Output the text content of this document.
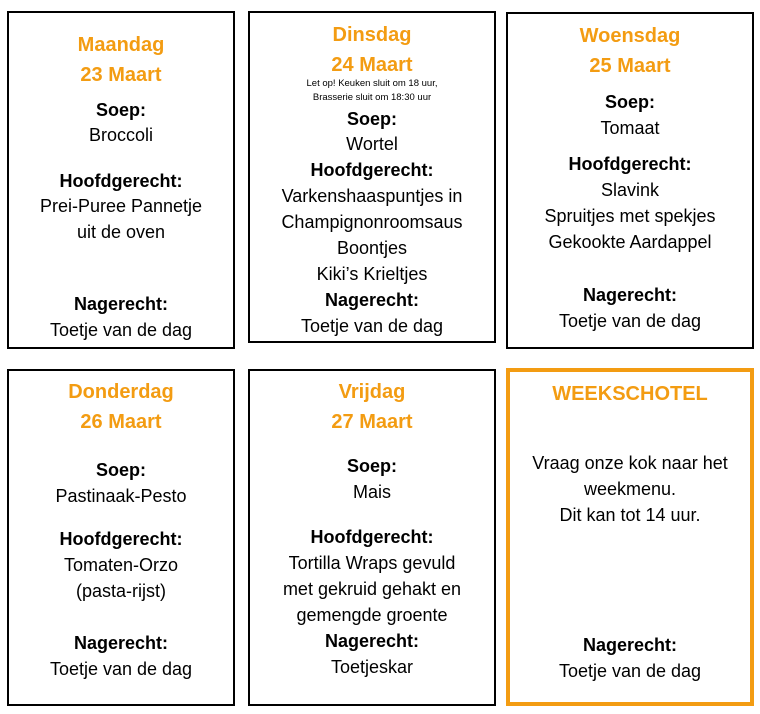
Maandag
23 Maart
Soep:
Broccoli
Hoofdgerecht:
Prei-Puree Pannetje
uit de oven
Nagerecht:
Toetje van de dag
Dinsdag
24 Maart
Let op! Keuken sluit om 18 uur,
Brasserie sluit om 18:30 uur
Soep:
Wortel
Hoofdgerecht:
Varkenshaaspuntjes in
Champignonroomsaus
Boontjes
Kiki’s Krieltjes
Nagerecht:
Toetje van de dag
Woensdag
25 Maart
Soep:
Tomaat
Hoofdgerecht:
Slavink
Spruitjes met spekjes
Gekookte Aardappel
Nagerecht:
Toetje van de dag
Donderdag
26 Maart
Soep:
Pastinaak-Pesto
Hoofdgerecht:
Tomaten-Orzo
(pasta-rijst)
Nagerecht:
Toetje van de dag
Vrijdag
27 Maart
Soep:
Mais
Hoofdgerecht:
Tortilla Wraps gevuld
met gekruid gehakt en
gemengde groente
Nagerecht:
Toetjeskar
WEEKSCHOTEL
Vraag onze kok naar het
weekmenu.
Dit kan tot 14 uur.
Nagerecht:
Toetje van de dag
